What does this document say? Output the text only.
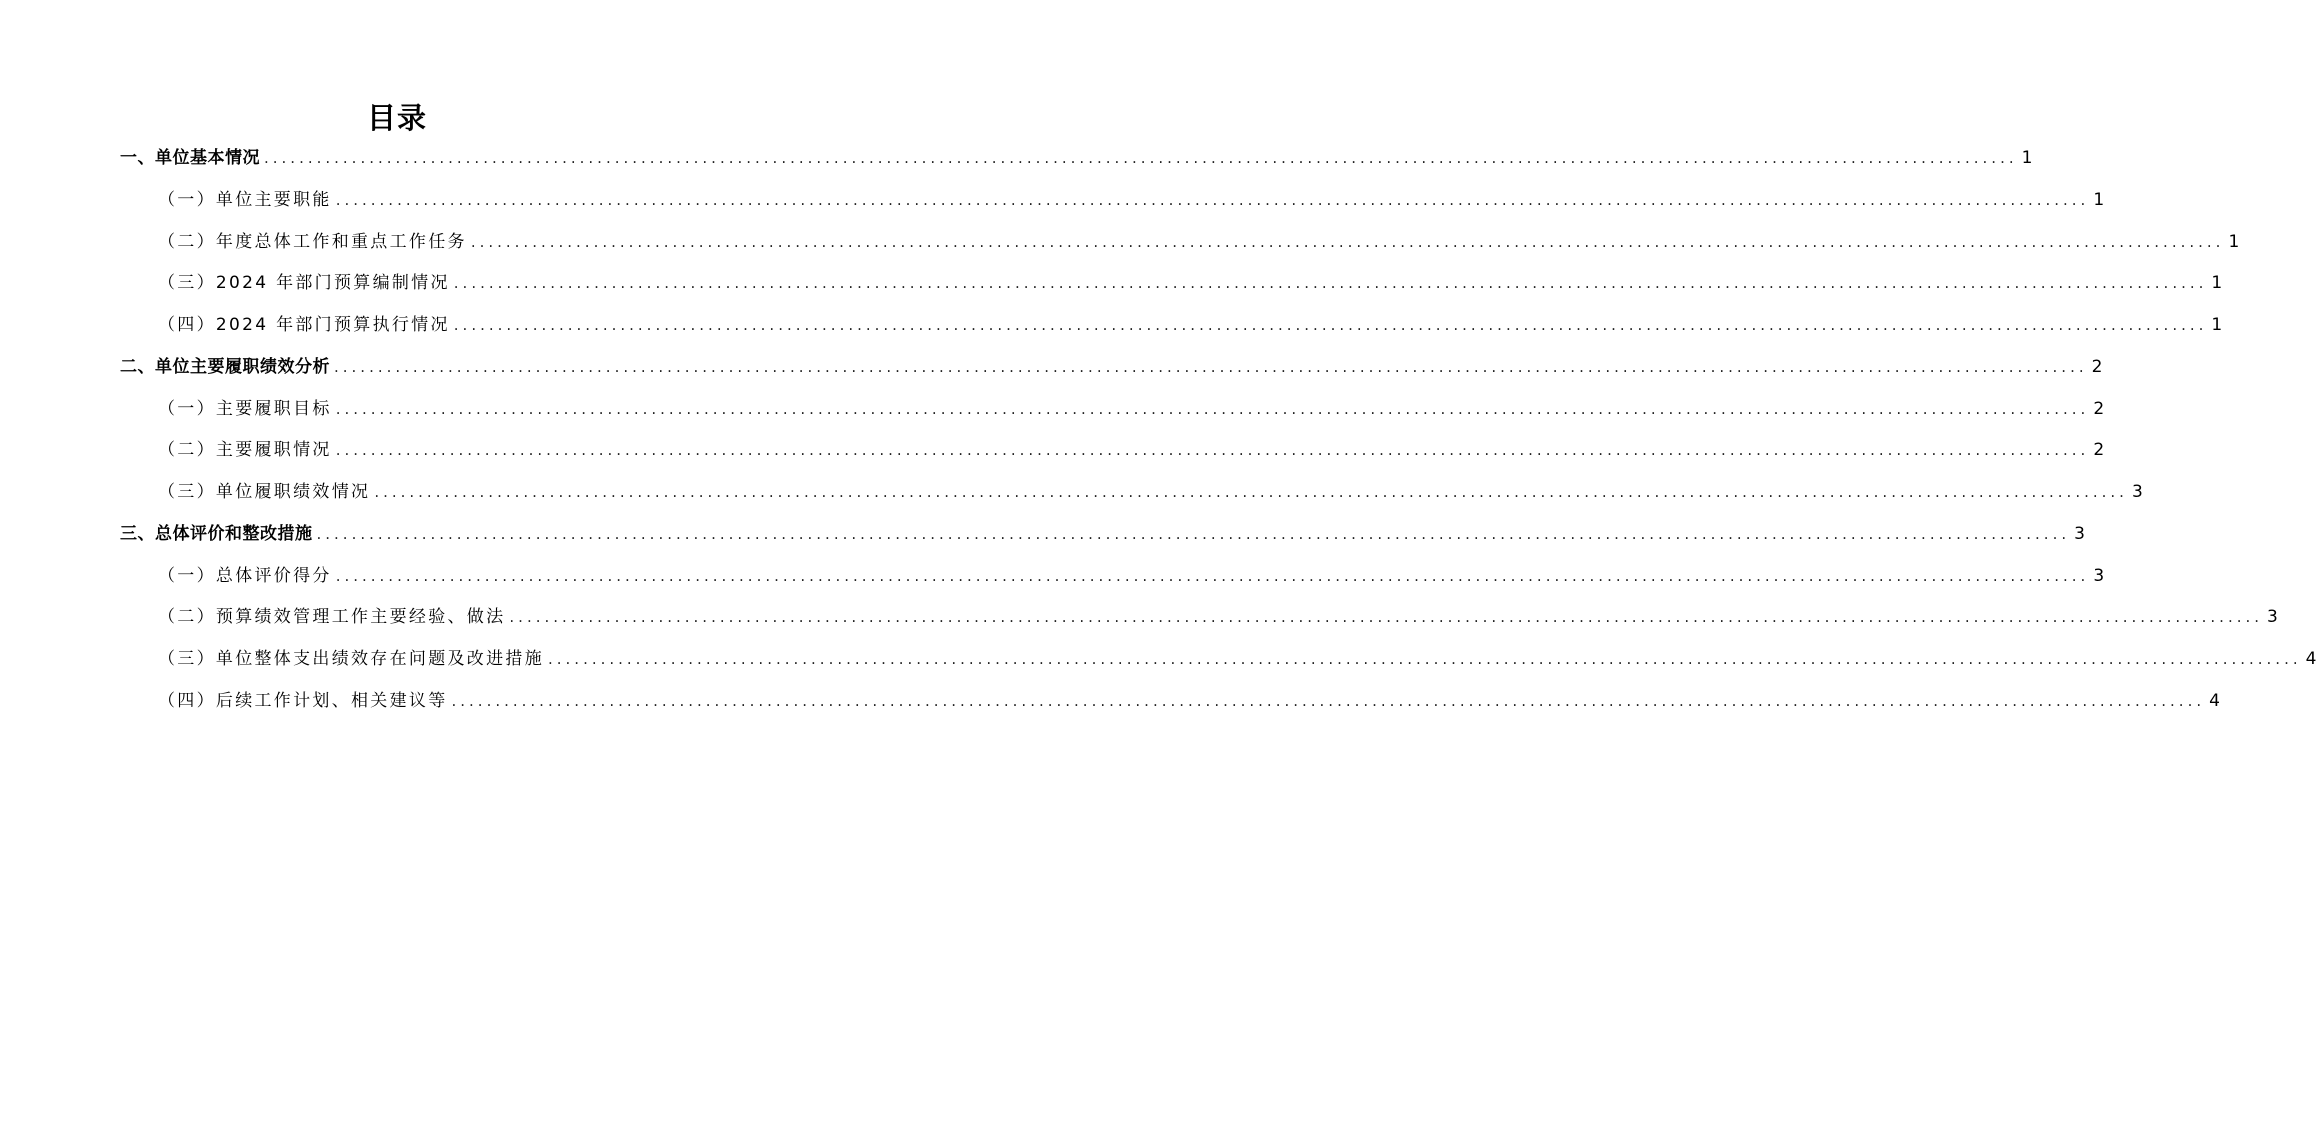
目录
一、单位基本情况 ........................................................................................................................................................................................................ 1
（一）单位主要职能 ........................................................................................................................................................................................................ 1
（二）年度总体工作和重点工作任务 ........................................................................................................................................................................................................ 1
（三）2024 年部门预算编制情况 ........................................................................................................................................................................................................ 1
（四）2024 年部门预算执行情况 ........................................................................................................................................................................................................ 1
二、单位主要履职绩效分析 ........................................................................................................................................................................................................ 2
（一）主要履职目标 ........................................................................................................................................................................................................ 2
（二）主要履职情况 ........................................................................................................................................................................................................ 2
（三）单位履职绩效情况 ........................................................................................................................................................................................................ 3
三、总体评价和整改措施 ........................................................................................................................................................................................................ 3
（一）总体评价得分 ........................................................................................................................................................................................................ 3
（二）预算绩效管理工作主要经验、做法 ........................................................................................................................................................................................................ 3
（三）单位整体支出绩效存在问题及改进措施 ........................................................................................................................................................................................................ 4
（四）后续工作计划、相关建议等 ........................................................................................................................................................................................................ 4
